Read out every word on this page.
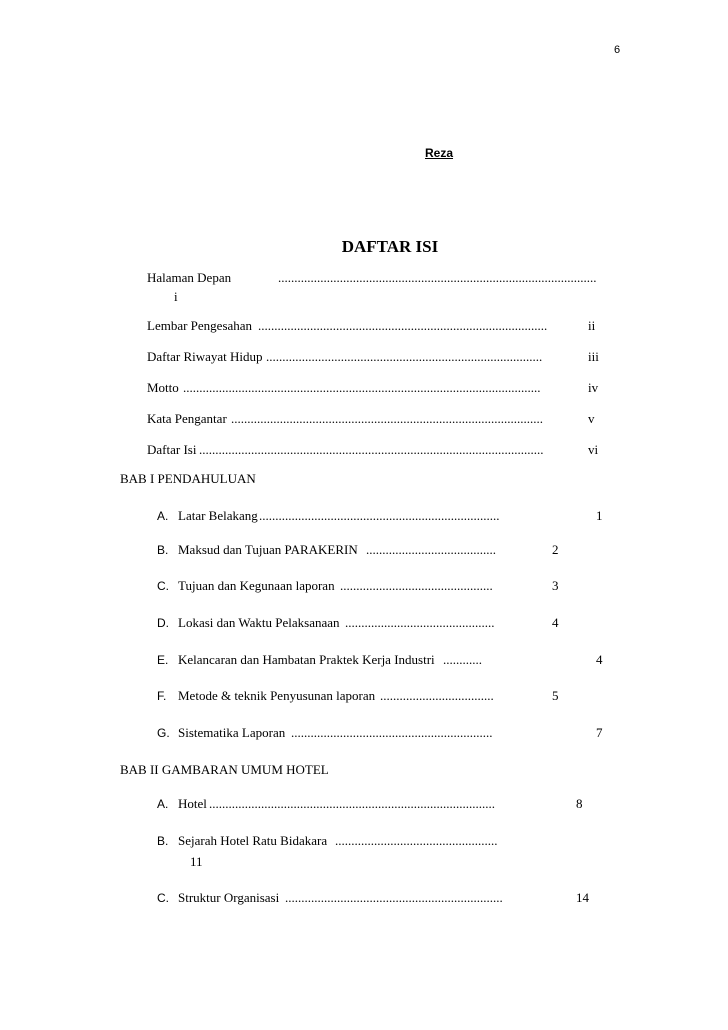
6
Reza
DAFTAR ISI
Halaman Depan	..................................................................................................
i
Lembar Pengesahan .........................................................................................	ii
Daftar Riwayat Hidup .....................................................................................	iii
Motto ..............................................................................................................	iv
Kata Pengantar ................................................................................................	v
Daftar Isi ..........................................................................................................	vi
BAB I PENDAHULUAN
A. Latar Belakang ..........................................................................	1
B. Maksud dan Tujuan PARAKERIN ........................................	2
C. Tujuan dan Kegunaan laporan ...............................................	3
D. Lokasi dan Waktu Pelaksanaan ..............................................	4
E. Kelancaran dan Hambatan Praktek Kerja Industri ............	4
F. Metode & teknik Penyusunan laporan ...................................	5
G. Sistematika Laporan ..............................................................	7
BAB II GAMBARAN UMUM HOTEL
A. Hotel ........................................................................................	8
B. Sejarah Hotel Ratu Bidakara ..................................................
11
C. Struktur Organisasi ...................................................................	14
